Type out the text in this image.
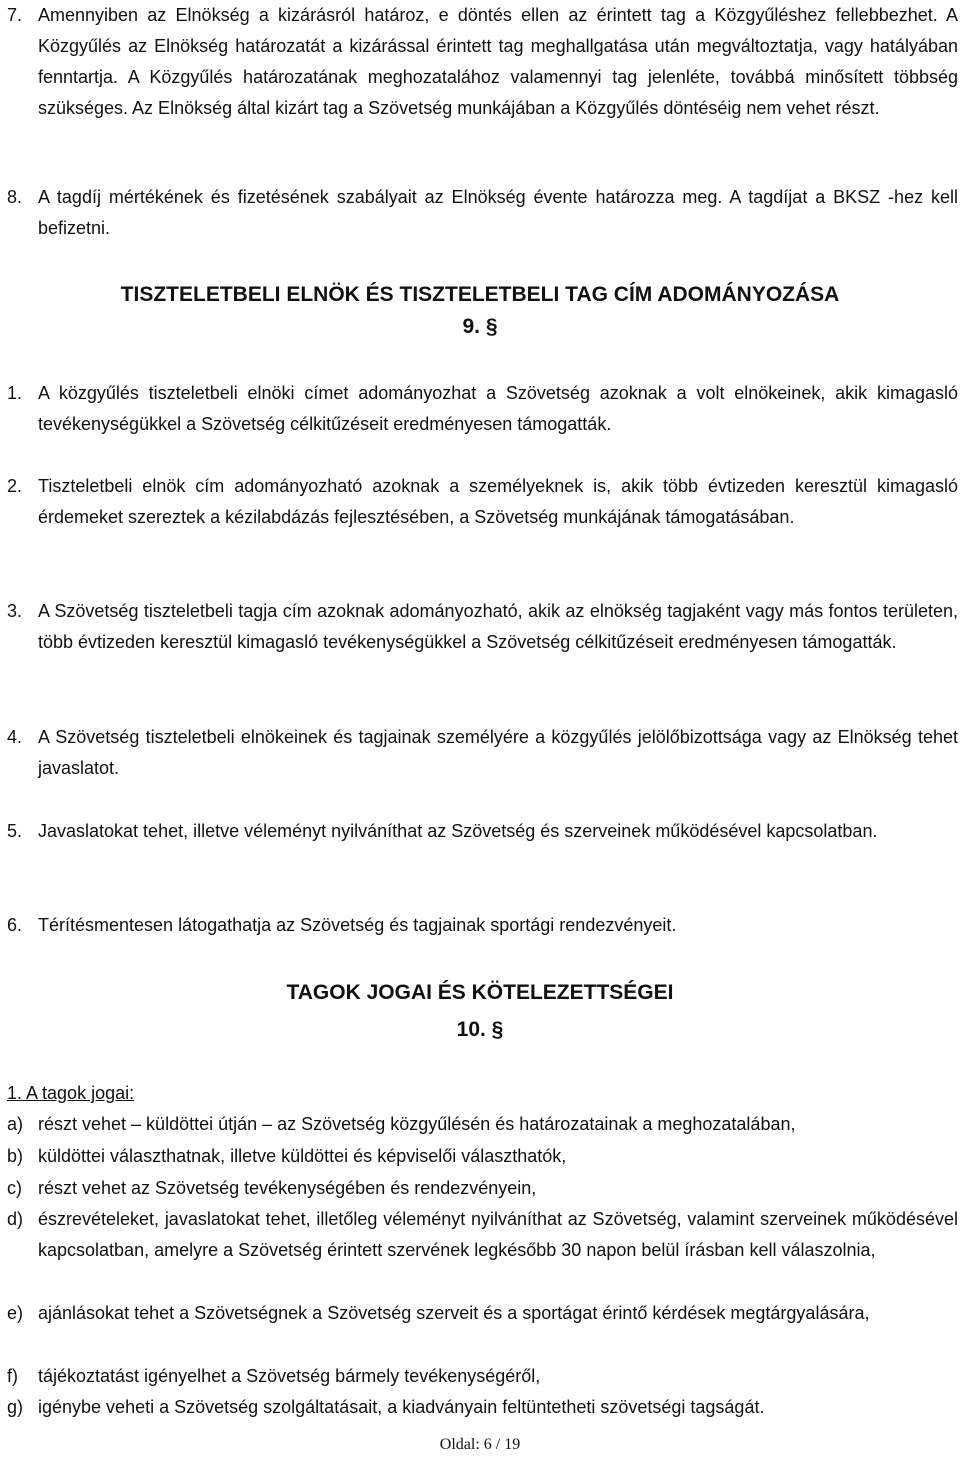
7. Amennyiben az Elnökség a kizárásról határoz, e döntés ellen az érintett tag a Közgyűléshez fellebbezhet. A Közgyűlés az Elnökség határozatát a kizárással érintett tag meghallgatása után megváltoztatja, vagy hatályában fenntartja. A Közgyűlés határozatának meghozatalához valamennyi tag jelenléte, továbbá minősített többség szükséges. Az Elnökség által kizárt tag a Szövetség munkájában a Közgyűlés döntéséig nem vehet részt.
8. A tagdíj mértékének és fizetésének szabályait az Elnökség évente határozza meg. A tagdíjat a BKSZ -hez kell befizetni.
TISZTELETBELI ELNÖK ÉS TISZTELETBELI TAG CÍM ADOMÁNYOZÁSA
9. §
1. A közgyűlés tiszteletbeli elnöki címet adományozhat a Szövetség azoknak a volt elnökeinek, akik kimagasló tevékenységükkel a Szövetség célkitűzéseit eredményesen támogatták.
2. Tiszteletbeli elnök cím adományozható azoknak a személyeknek is, akik több évtizeden keresztül kimagasló érdemeket szereztek a kézilabdázás fejlesztésében, a Szövetség munkájának támogatásában.
3. A Szövetség tiszteletbeli tagja cím azoknak adományozható, akik az elnökség tagjaként vagy más fontos területen, több évtizeden keresztül kimagasló tevékenységükkel a Szövetség célkitűzéseit eredményesen támogatták.
4. A Szövetség tiszteletbeli elnökeinek és tagjainak személyére a közgyűlés jelölőbizottsága vagy az Elnökség tehet javaslatot.
5. Javaslatokat tehet, illetve véleményt nyilváníthat az Szövetség és szerveinek működésével kapcsolatban.
6. Térítésmentesen látogathatja az Szövetség és tagjainak sportági rendezvényeit.
TAGOK JOGAI ÉS KÖTELEZETTSÉGEI
10. §
1. A tagok jogai:
a) részt vehet – küldöttei útján – az Szövetség közgyűlésén és határozatainak a meghozatalában,
b) küldöttei választhatnak, illetve küldöttei és képviselői választhatók,
c) részt vehet az Szövetség tevékenységében és rendezvényein,
d) észrevételeket, javaslatokat tehet, illetőleg véleményt nyilváníthat az Szövetség, valamint szerveinek működésével kapcsolatban, amelyre a Szövetség érintett szervének legkésőbb 30 napon belül írásban kell válaszolnia,
e) ajánlásokat tehet a Szövetségnek a Szövetség szerveit és a sportágat érintő kérdések megtárgyalására,
f)	tájékoztatást igényelhet a Szövetség bármely tevékenységéről,
g) igénybe veheti a Szövetség szolgáltatásait, a kiadványain feltüntetheti szövetségi tagságát.
Oldal: 6 / 19
